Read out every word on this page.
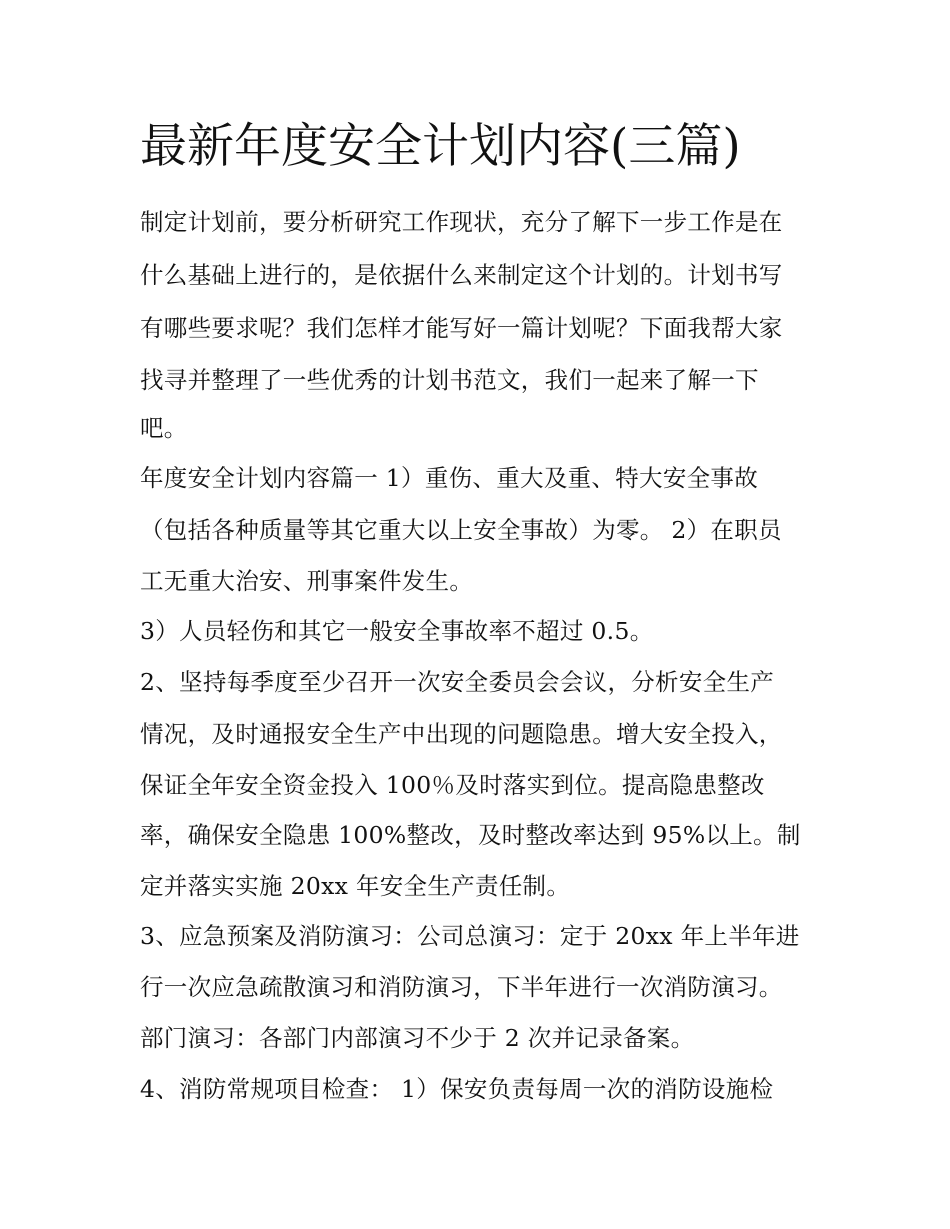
最新年度安全计划内容(三篇)
制定计划前，要分析研究工作现状，充分了解下一步工作是在
什么基础上进行的，是依据什么来制定这个计划的。计划书写
有哪些要求呢？我们怎样才能写好一篇计划呢？下面我帮大家
找寻并整理了一些优秀的计划书范文，我们一起来了解一下
吧。
年度安全计划内容篇一 1）重伤、重大及重、特大安全事故
（包括各种质量等其它重大以上安全事故）为零。 2）在职员
工无重大治安、刑事案件发生。
3）人员轻伤和其它一般安全事故率不超过 0.5。
2、坚持每季度至少召开一次安全委员会会议，分析安全生产
情况，及时通报安全生产中出现的问题隐患。增大安全投入，
保证全年安全资金投入 100％及时落实到位。提高隐患整改
率，确保安全隐患 100%整改，及时整改率达到 95%以上。制
定并落实实施 20xx 年安全生产责任制。
3、应急预案及消防演习：公司总演习：定于 20xx 年上半年进
行一次应急疏散演习和消防演习，下半年进行一次消防演习。
部门演习：各部门内部演习不少于 2 次并记录备案。
4、消防常规项目检查： 1）保安负责每周一次的消防设施检
